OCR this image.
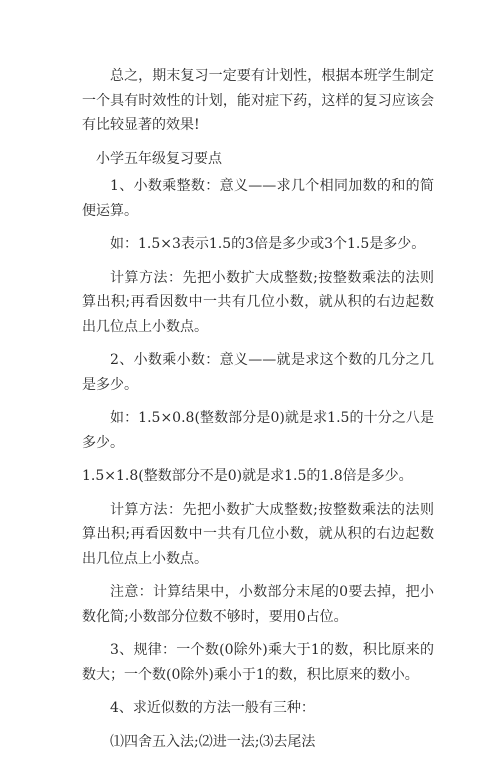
总之，期末复习一定要有计划性，根据本班学生制定一个具有时效性的计划，能对症下药，这样的复习应该会有比较显著的效果!

小学五年级复习要点

1、小数乘整数：意义——求几个相同加数的和的简便运算。

如：1.5×3表示1.5的3倍是多少或3个1.5是多少。

计算方法：先把小数扩大成整数;按整数乘法的法则算出积;再看因数中一共有几位小数，就从积的右边起数出几位点上小数点。

2、小数乘小数：意义——就是求这个数的几分之几是多少。

如：1.5×0.8(整数部分是0)就是求1.5的十分之八是多少。

1.5×1.8(整数部分不是0)就是求1.5的1.8倍是多少。

计算方法：先把小数扩大成整数;按整数乘法的法则算出积;再看因数中一共有几位小数，就从积的右边起数出几位点上小数点。

注意：计算结果中，小数部分末尾的0要去掉，把小数化简;小数部分位数不够时，要用0占位。

3、规律：一个数(0除外)乘大于1的数，积比原来的数大；一个数(0除外)乘小于1的数，积比原来的数小。

4、求近似数的方法一般有三种：

⑴四舍五入法;⑵进一法;⑶去尾法
